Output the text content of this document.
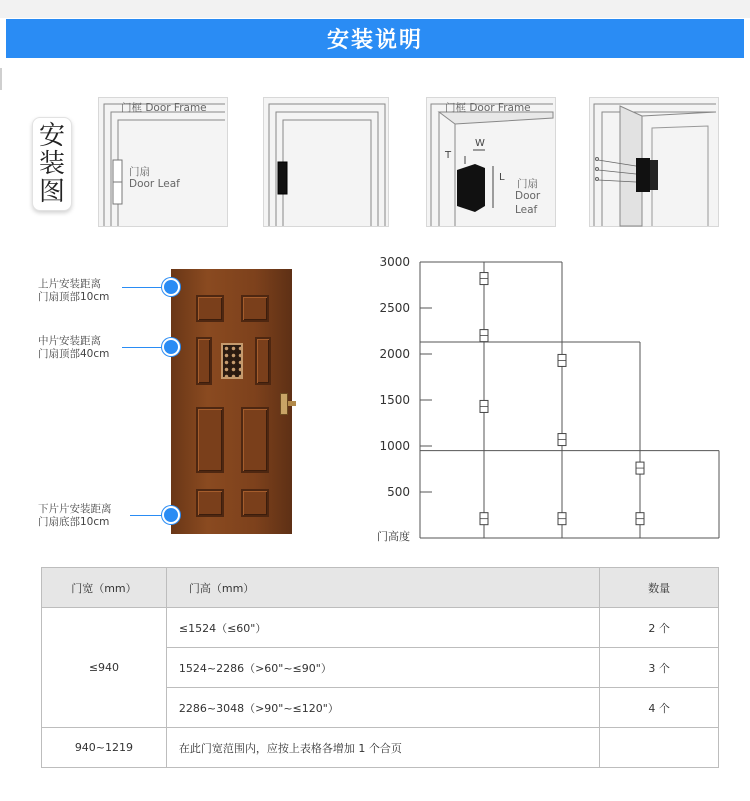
安装说明
安
装
图
门框 Door Frame
门扇
Door Leaf
门框 Door Frame
T
W
L
门扇
Door
Leaf
上片安装距离
门扇顶部10cm
中片安装距离
门扇顶部40cm
下片片安装距离
门扇底部10cm
3000
2500
2000
1500
1000
500
门高度
门宽（mm）	门高（mm）	数量
≤940	≤1524（≤60"）	2 个
	1524~2286（>60"~≤90"）	3 个
	2286~3048（>90"~≤120"）	4 个
940~1219	在此门宽范围内，应按上表格各增加 1 个合页	
